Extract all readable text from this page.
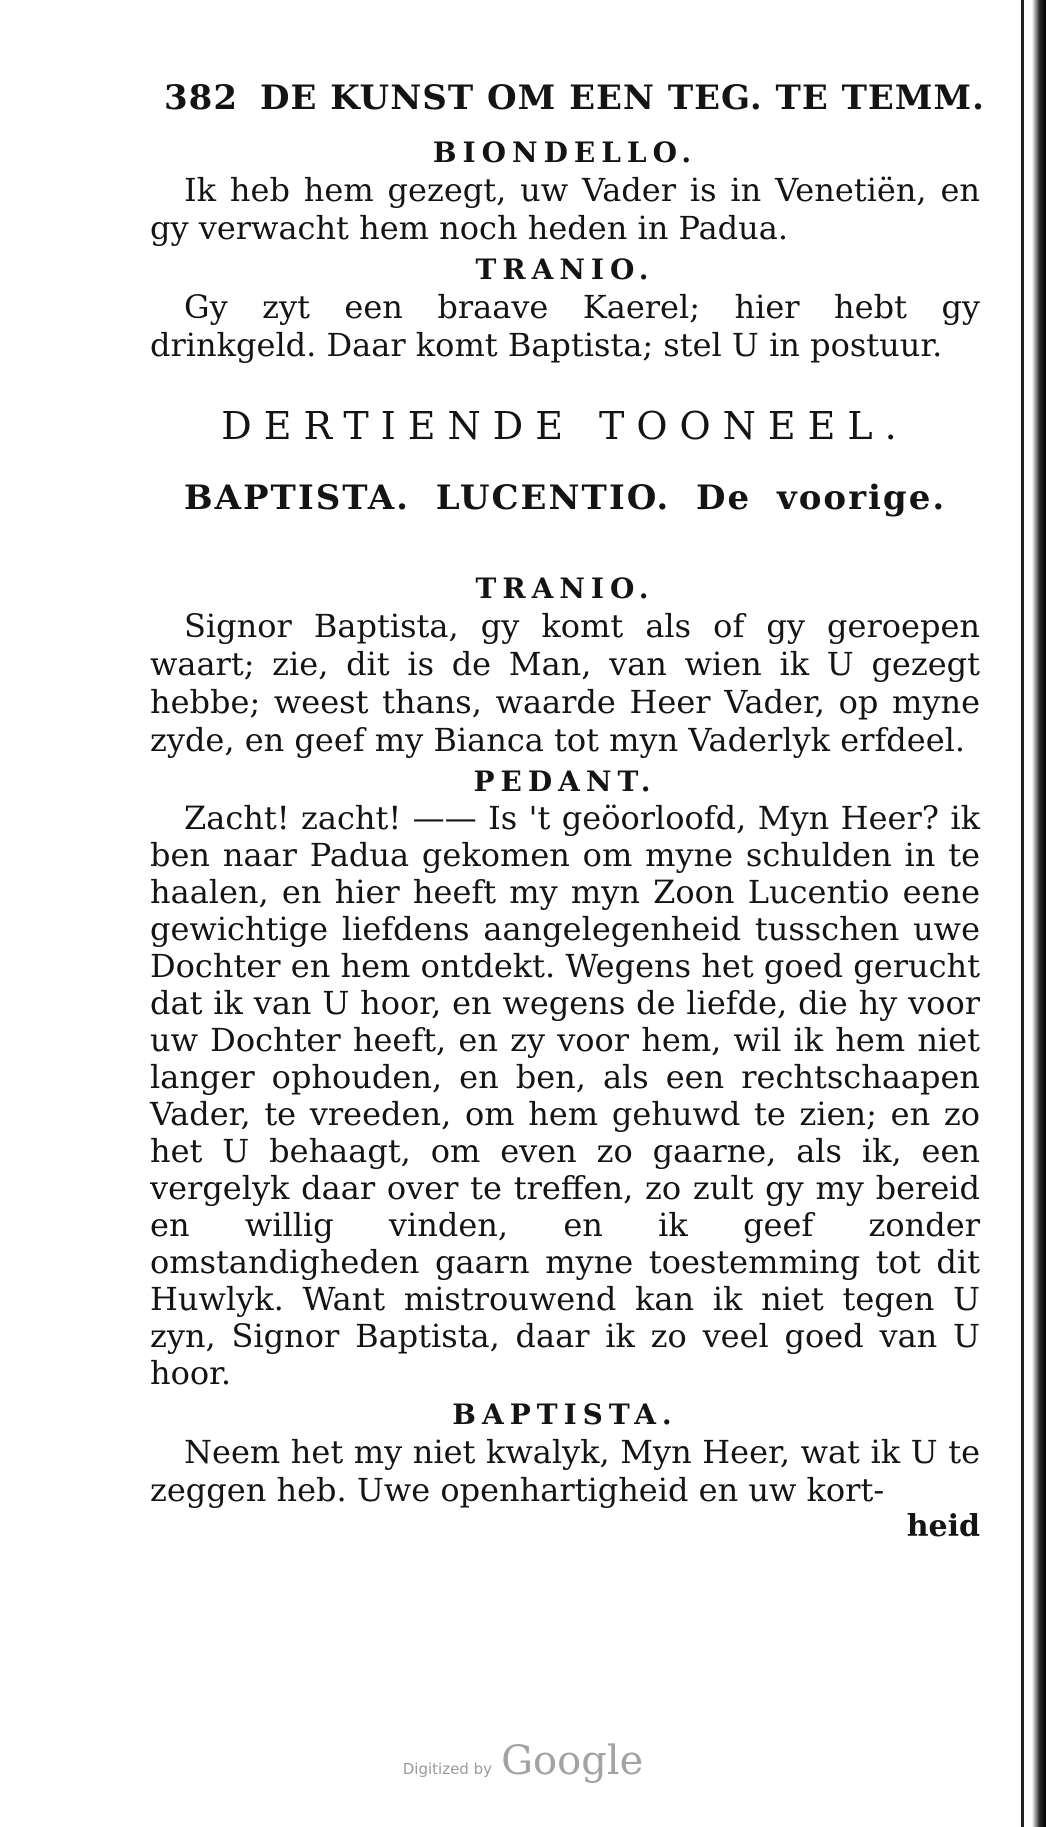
382 DE KUNST OM EEN TEG. TE TEMM.
BIONDELLO.
Ik heb hem gezegt, uw Vader is in Venetiën, en gy verwacht hem noch heden in Padua.
TRANIO.
Gy zyt een braave Kaerel; hier hebt gy drinkgeld. Daar komt Baptista; stel U in postuur.
DERTIENDE TOONEEL.
BAPTISTA. LUCENTIO. De voorige.
TRANIO.
Signor Baptista, gy komt als of gy geroepen waart; zie, dit is de Man, van wien ik U gezegt hebbe; weest thans, waarde Heer Vader, op myne zyde, en geef my Bianca tot myn Vaderlyk erfdeel.
PEDANT.
Zacht! zacht! —— Is 't geöorloofd, Myn Heer? ik ben naar Padua gekomen om myne schulden in te haalen, en hier heeft my myn Zoon Lucentio eene gewichtige liefdens aangelegenheid tusschen uwe Dochter en hem ontdekt. Wegens het goed gerucht dat ik van U hoor, en wegens de liefde, die hy voor uw Dochter heeft, en zy voor hem, wil ik hem niet langer ophouden, en ben, als een rechtschaapen Vader, te vreeden, om hem gehuwd te zien; en zo het U behaagt, om even zo gaarne, als ik, een vergelyk daar over te treffen, zo zult gy my bereid en willig vinden, en ik geef zonder omstandigheden gaarn myne toestemming tot dit Huwlyk. Want mistrouwend kan ik niet tegen U zyn, Signor Baptista, daar ik zo veel goed van U hoor.
BAPTISTA.
Neem het my niet kwalyk, Myn Heer, wat ik U te zeggen heb. Uwe openhartigheid en uw kort-
heid
Digitized by Google
